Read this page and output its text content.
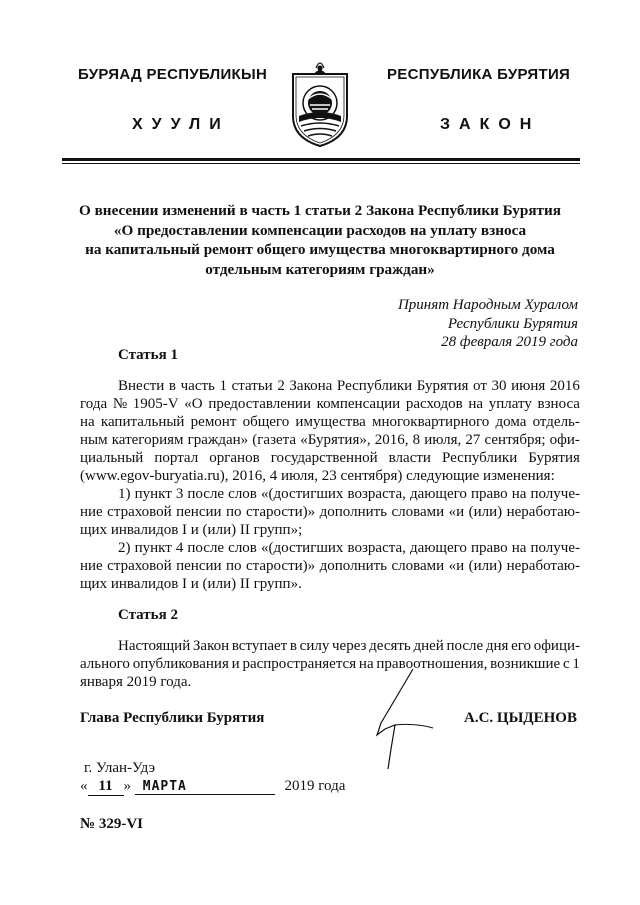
БУРЯАД РЕСПУБЛИКЫН
ХУУЛИ
РЕСПУБЛИКА БУРЯТИЯ
ЗАКОН
О внесении изменений в часть 1 статьи 2 Закона Республики Бурятия
«О предоставлении компенсации расходов на уплату взноса
на капитальный ремонт общего имущества многоквартирного дома
отдельным категориям граждан»
Принят Народным Хуралом
Республики Бурятия
28 февраля 2019 года
Статья 1
Внести в часть 1 статьи 2 Закона Республики Бурятия от 30 июня 2016
года № 1905-V «О предоставлении компенсации расходов на уплату взноса
на капитальный ремонт общего имущества многоквартирного дома отдель-
ным категориям граждан» (газета «Бурятия», 2016, 8 июля, 27 сентября; офи-
циальный портал органов государственной власти Республики Бурятия
(www.egov-buryatia.ru), 2016, 4 июля, 23 сентября) следующие изменения:
1) пункт 3 после слов «(достигших возраста, дающего право на получе-
ние страховой пенсии по старости)» дополнить словами «и (или) неработаю-
щих инвалидов I и (или) II групп»;
2) пункт 4 после слов «(достигших возраста, дающего право на получе-
ние страховой пенсии по старости)» дополнить словами «и (или) неработаю-
щих инвалидов I и (или) II групп».
Статья 2
Настоящий Закон вступает в силу через десять дней после дня его офици-
ального опубликования и распространяется на правоотношения, возникшие с 1
января 2019 года.
Глава Республики Бурятия	А.С. ЦЫДЕНОВ
г. Улан-Удэ
« 11 » МАРТА	2019 года
№ 329-VI
